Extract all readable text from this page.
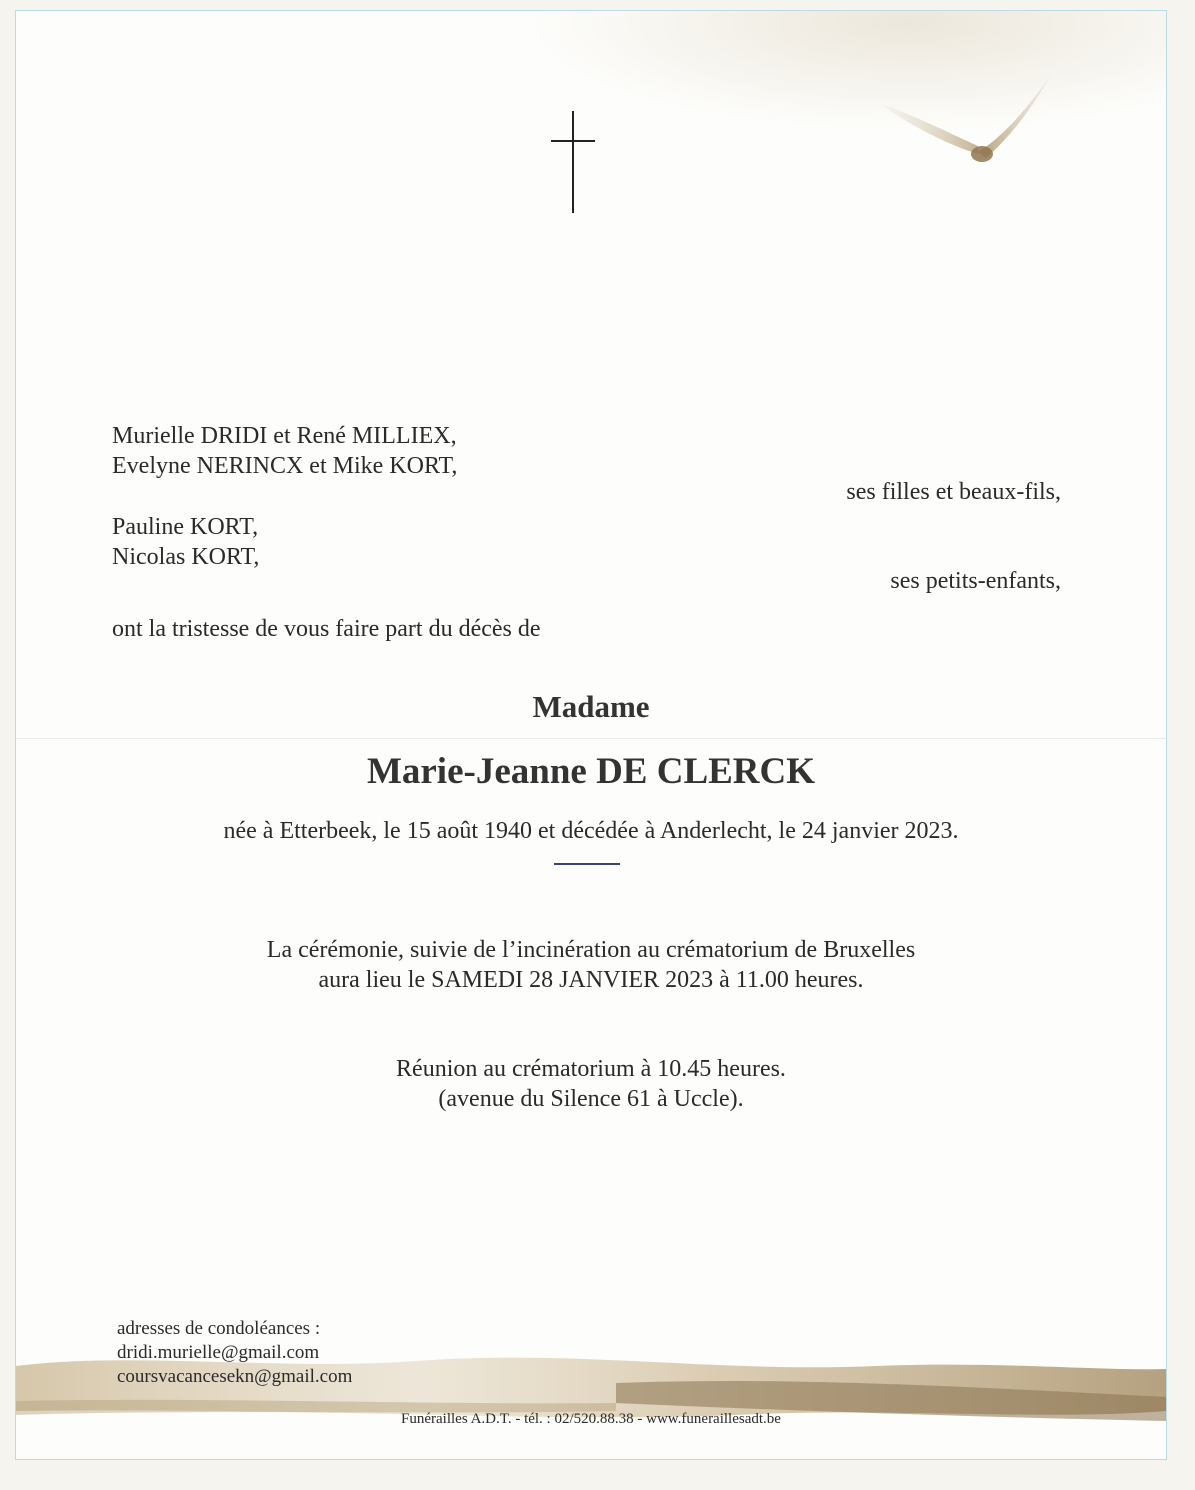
Murielle DRIDI et René MILLIEX,
Evelyne NERINCX et Mike KORT,
ses filles et beaux-fils,
Pauline KORT,
Nicolas KORT,
ses petits-enfants,
ont la tristesse de vous faire part du décès de
Madame
Marie-Jeanne DE CLERCK
née à Etterbeek, le 15 août 1940 et décédée à Anderlecht, le 24 janvier 2023.
La cérémonie, suivie de l’incinération au crématorium de Bruxelles
aura lieu le SAMEDI 28 JANVIER 2023 à 11.00 heures.
Réunion au crématorium à 10.45 heures.
(avenue du Silence 61 à Uccle).
adresses de condoléances :
dridi.murielle@gmail.com
coursvacancesekn@gmail.com
Funérailles A.D.T. - tél. : 02/520.88.38 - www.funeraillesadt.be
